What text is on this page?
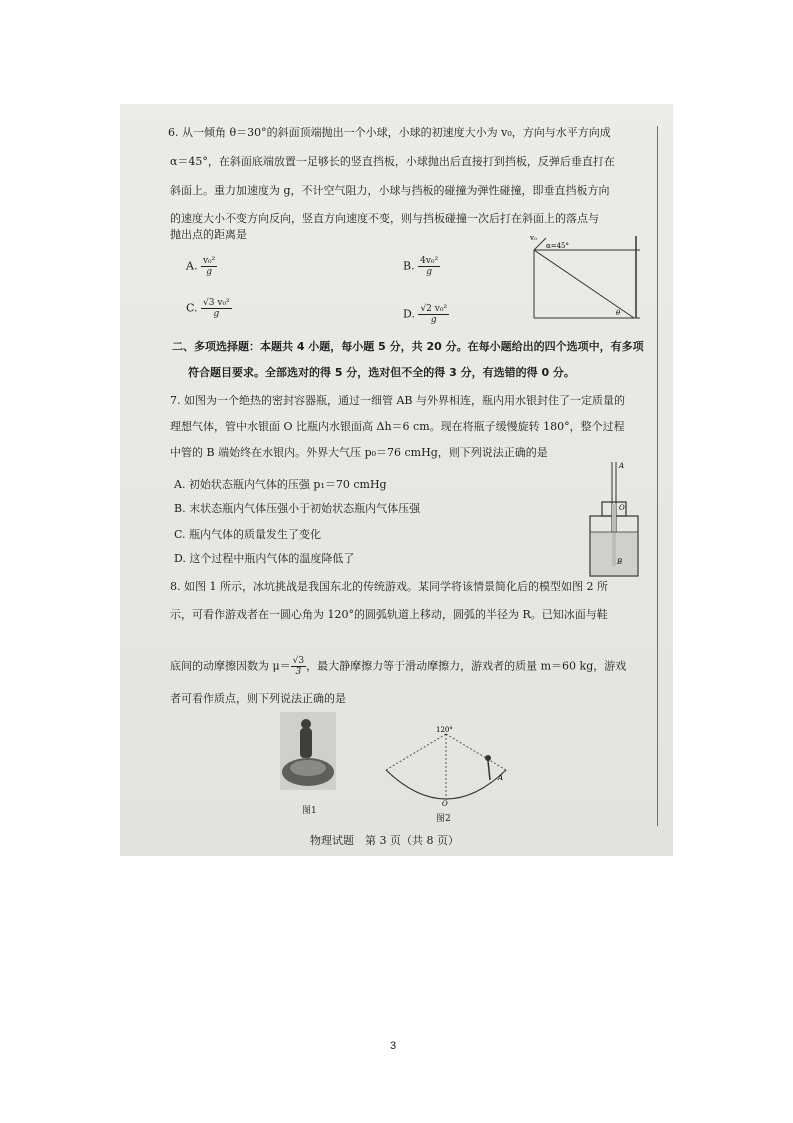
6. 从一倾角 θ＝30°的斜面顶端抛出一个小球，小球的初速度大小为 v₀，方向与水平方向成
α＝45°，在斜面底端放置一足够长的竖直挡板，小球抛出后直接打到挡板，反弹后垂直打在
斜面上。重力加速度为 g，不计空气阻力，小球与挡板的碰撞为弹性碰撞，即垂直挡板方向
的速度大小不变方向反向，竖直方向速度不变，则与挡板碰撞一次后打在斜面上的落点与
抛出点的距离是
A. $\frac{\text{v₀²}}{g}$	B. $\frac{\text{4v₀²}}{g}$
C. $\frac{\text{√3 v₀²}}{g}$	D. $\frac{\text{√2 v₀²}}{g}$
v₀
α=45°
θ
二、多项选择题：本题共 4 小题，每小题 5 分，共 20 分。在每小题给出的四个选项中，有多项
符合题目要求。全部选对的得 5 分，选对但不全的得 3 分，有选错的得 0 分。
7. 如图为一个绝热的密封容器瓶，通过一细管 AB 与外界相连，瓶内用水银封住了一定质量的
理想气体，管中水银面 O 比瓶内水银面高 Δh＝6 cm。现在将瓶子缓慢旋转 180°，整个过程
中管的 B 端始终在水银内。外界大气压 p₀＝76 cmHg，则下列说法正确的是
A. 初始状态瓶内气体的压强 p₁＝70 cmHg
B. 末状态瓶内气体压强小于初始状态瓶内气体压强
C. 瓶内气体的质量发生了变化
D. 这个过程中瓶内气体的温度降低了
A
O
B
8. 如图 1 所示，冰坑挑战是我国东北的传统游戏。某同学将该情景简化后的模型如图 2 所
示，可看作游戏者在一圆心角为 120°的圆弧轨道上移动，圆弧的半径为 R。已知冰面与鞋
底间的动摩擦因数为 $\mu= \frac{√3}{3}$ ，最大静摩擦力等于滑动摩擦力，游戏者的质量 m＝60 kg，游戏
者可看作质点，则下列说法正确的是
图1
120°
O
A
图2
物理试题　第 3 页（共 8 页）
3
